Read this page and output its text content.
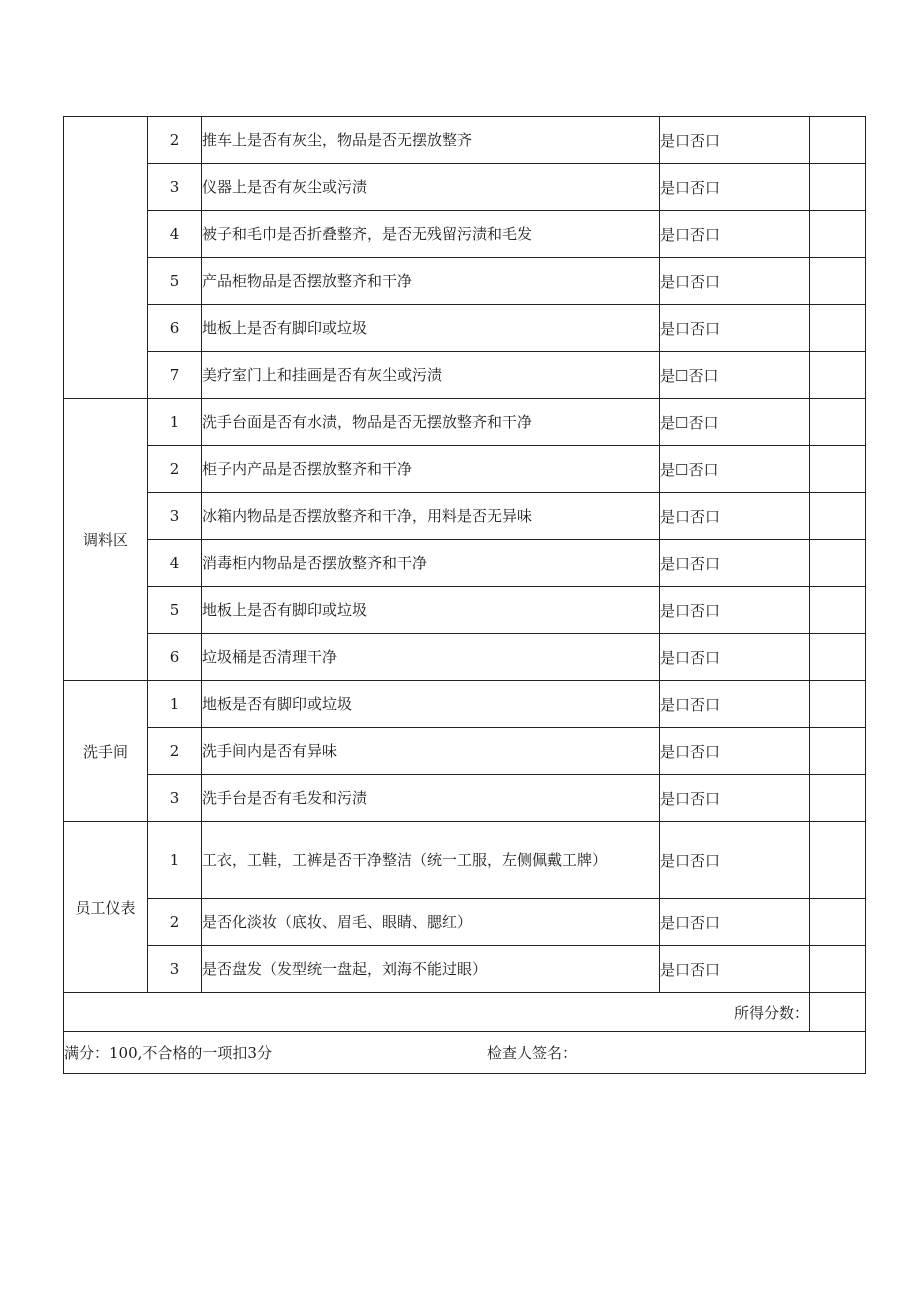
	2	推车上是否有灰尘，物品是否无摆放整齐	是口否口	
	3	仪器上是否有灰尘或污渍	是口否口	
	4	被子和毛巾是否折叠整齐，是否无残留污渍和毛发	是口否口	
	5	产品柜物品是否摆放整齐和干净	是口否口	
	6	地板上是否有脚印或垃圾	是口否口	
	7	美疗室门上和挂画是否有灰尘或污渍	是☐否口	
调料区	1	洗手台面是否有水渍，物品是否无摆放整齐和干净	是☐否口	
	2	柜子内产品是否摆放整齐和干净	是☐否口	
	3	冰箱内物品是否摆放整齐和干净，用料是否无异味	是口否口	
	4	消毒柜内物品是否摆放整齐和干净	是口否口	
	5	地板上是否有脚印或垃圾	是口否口	
	6	垃圾桶是否清理干净	是口否口	
洗手间	1	地板是否有脚印或垃圾	是口否口	
	2	洗手间内是否有异味	是口否口	
	3	洗手台是否有毛发和污渍	是口否口	
员工仪表	1	工衣，工鞋，工裤是否干净整洁（统一工服，左侧佩戴工牌）	是口否口	
	2	是否化淡妆（底妆、眉毛、眼睛、腮红）	是口否口	
	3	是否盘发（发型统一盘起，刘海不能过眼）	是口否口	
所得分数：				

满分：100,不合格的一项扣3分 检查人签名：				
